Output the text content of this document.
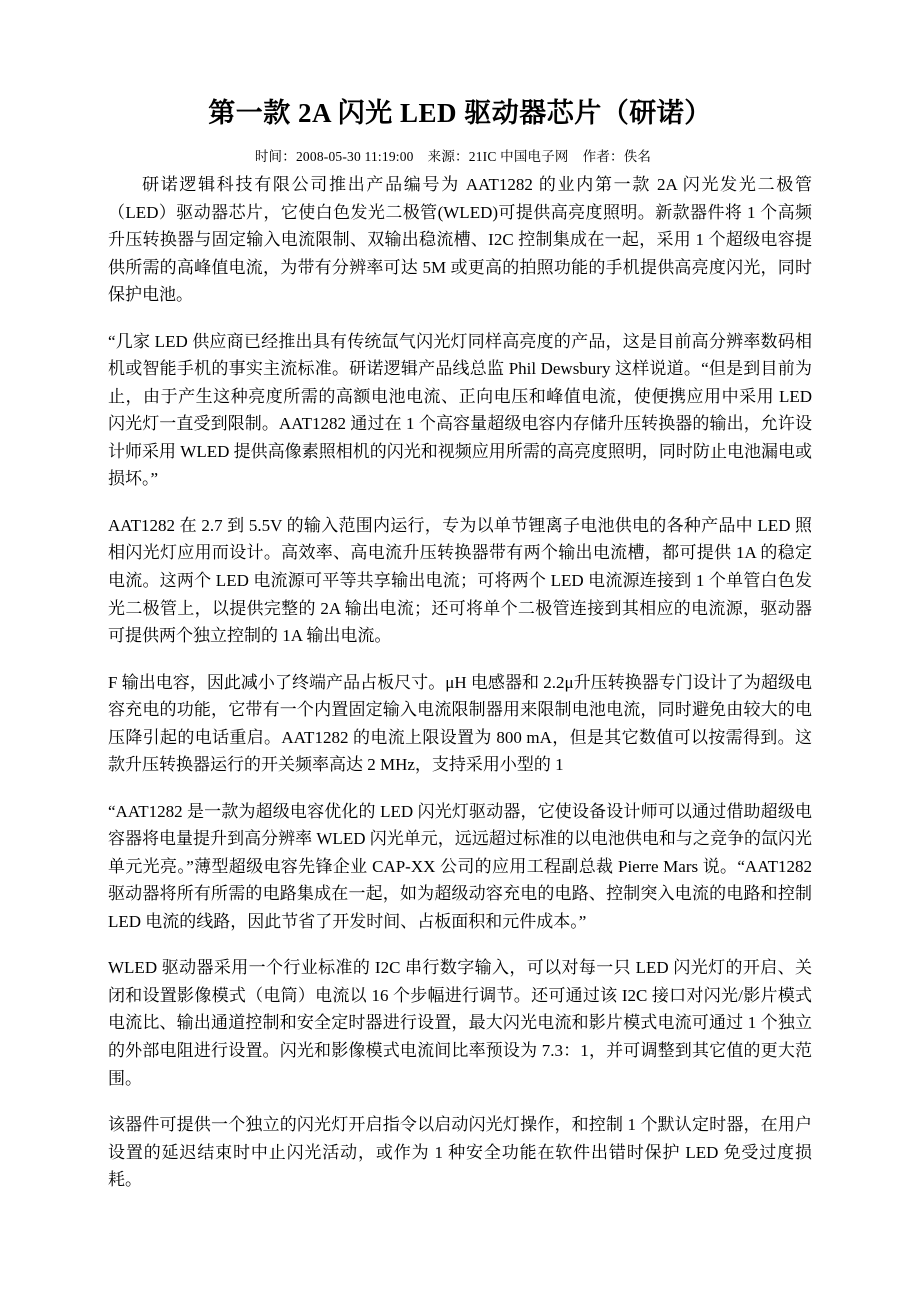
第一款 2A 闪光 LED 驱动器芯片（研诺）
时间：2008-05-30 11:19:00 来源：21IC 中国电子网 作者：佚名

研诺逻辑科技有限公司推出产品编号为 AAT1282 的业内第一款 2A 闪光发光二极管（LED）驱动器芯片，它使白色发光二极管(WLED)可提供高亮度照明。新款器件将 1 个高频升压转换器与固定输入电流限制、双输出稳流槽、I2C 控制集成在一起，采用 1 个超级电容提供所需的高峰值电流，为带有分辨率可达 5M 或更高的拍照功能的手机提供高亮度闪光，同时保护电池。

“几家 LED 供应商已经推出具有传统氙气闪光灯同样高亮度的产品，这是目前高分辨率数码相机或智能手机的事实主流标准。研诺逻辑产品线总监 Phil Dewsbury 这样说道。“但是到目前为止，由于产生这种亮度所需的高额电池电流、正向电压和峰值电流，使便携应用中采用 LED 闪光灯一直受到限制。AAT1282 通过在 1 个高容量超级电容内存储升压转换器的输出，允许设计师采用 WLED 提供高像素照相机的闪光和视频应用所需的高亮度照明，同时防止电池漏电或损坏。”

AAT1282 在 2.7 到 5.5V 的输入范围内运行，专为以单节锂离子电池供电的各种产品中 LED 照相闪光灯应用而设计。高效率、高电流升压转换器带有两个输出电流槽，都可提供 1A 的稳定电流。这两个 LED 电流源可平等共享输出电流；可将两个 LED 电流源连接到 1 个单管白色发光二极管上，以提供完整的 2A 输出电流；还可将单个二极管连接到其相应的电流源，驱动器可提供两个独立控制的 1A 输出电流。

F 输出电容，因此减小了终端产品占板尺寸。μH 电感器和 2.2μ升压转换器专门设计了为超级电容充电的功能，它带有一个内置固定输入电流限制器用来限制电池电流，同时避免由较大的电压降引起的电话重启。AAT1282 的电流上限设置为 800 mA，但是其它数值可以按需得到。这款升压转换器运行的开关频率高达 2 MHz，支持采用小型的 1

“AAT1282 是一款为超级电容优化的 LED 闪光灯驱动器，它使设备设计师可以通过借助超级电容器将电量提升到高分辨率 WLED 闪光单元，远远超过标准的以电池供电和与之竞争的氙闪光单元光亮。”薄型超级电容先锋企业 CAP-XX 公司的应用工程副总裁 Pierre Mars 说。“AAT1282 驱动器将所有所需的电路集成在一起，如为超级动容充电的电路、控制突入电流的电路和控制 LED 电流的线路，因此节省了开发时间、占板面积和元件成本。”

WLED 驱动器采用一个行业标准的 I2C 串行数字输入，可以对每一只 LED 闪光灯的开启、关闭和设置影像模式（电筒）电流以 16 个步幅进行调节。还可通过该 I2C 接口对闪光/影片模式电流比、输出通道控制和安全定时器进行设置，最大闪光电流和影片模式电流可通过 1 个独立的外部电阻进行设置。闪光和影像模式电流间比率预设为 7.3：1，并可调整到其它值的更大范围。

该器件可提供一个独立的闪光灯开启指令以启动闪光灯操作，和控制 1 个默认定时器，在用户设置的延迟结束时中止闪光活动，或作为 1 种安全功能在软件出错时保护 LED 免受过度损耗。
